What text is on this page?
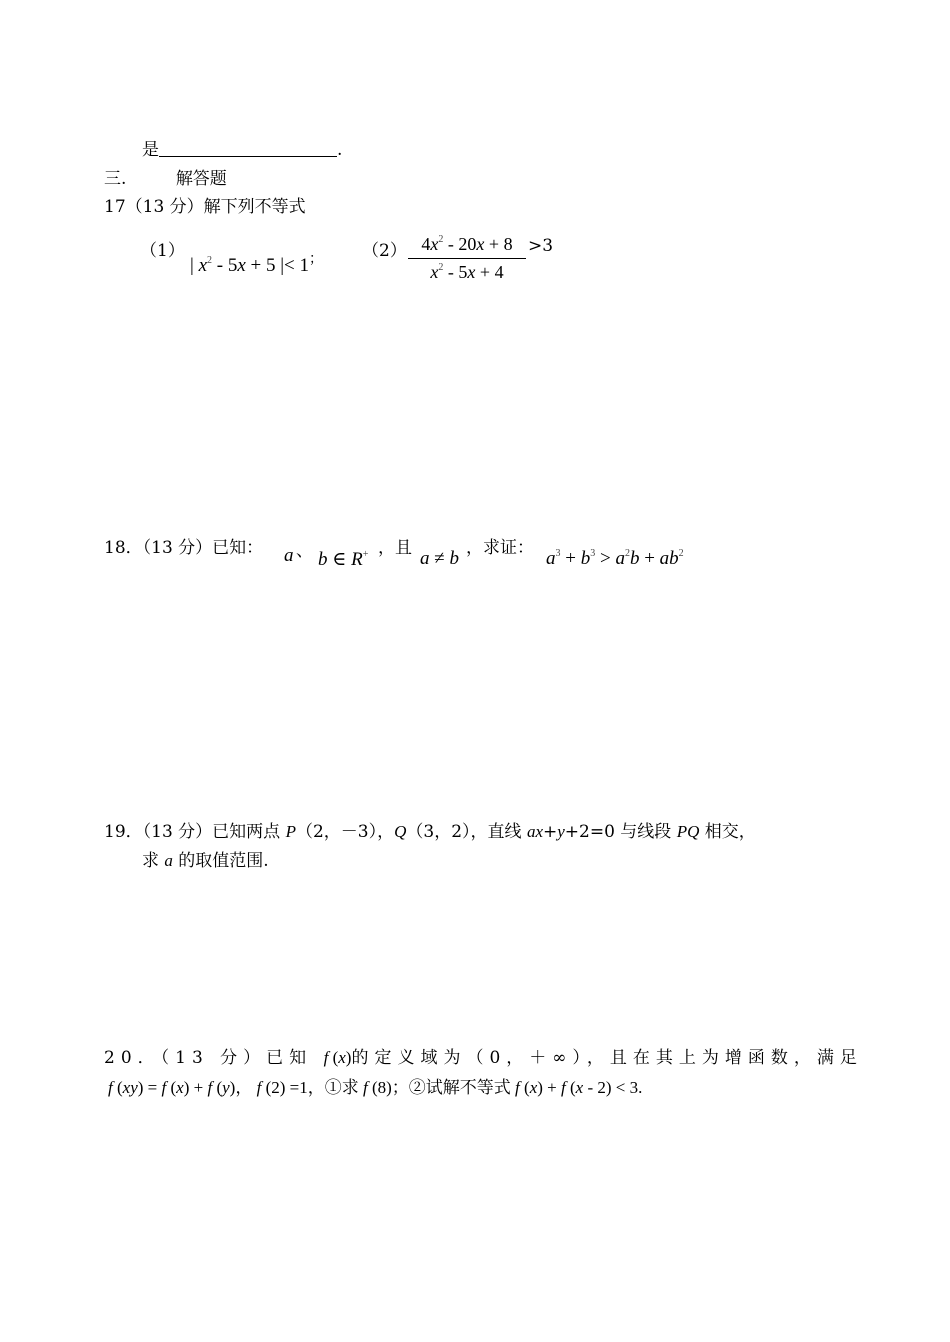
是	.
三.	解答题
17（13 分）解下列不等式
（1）
| $x^2 - 5x + 5$ |< 1； （2） $4x^2 - 20x + 8$
$x^2 - 5x + 4$
>3
18．（13 分）已知： a 、 b ∈ R+ ，且 a ≠ b ，求证： $a^3 + b^3 > a^2b + ab^2$
19．（13 分）已知两点 P（2，－3），Q（3，2），直线 ax+y+2=0 与线段 PQ 相交，
求 a 的取值范围.
20．（13 分）已知 f (x)的定义域为（0，＋∞），且在其上为增函数，满足
f (xy) = f (x) + f (y)， f (2) =1，①求 f (8)；②试解不等式 f (x) + f (x - 2) < 3.
